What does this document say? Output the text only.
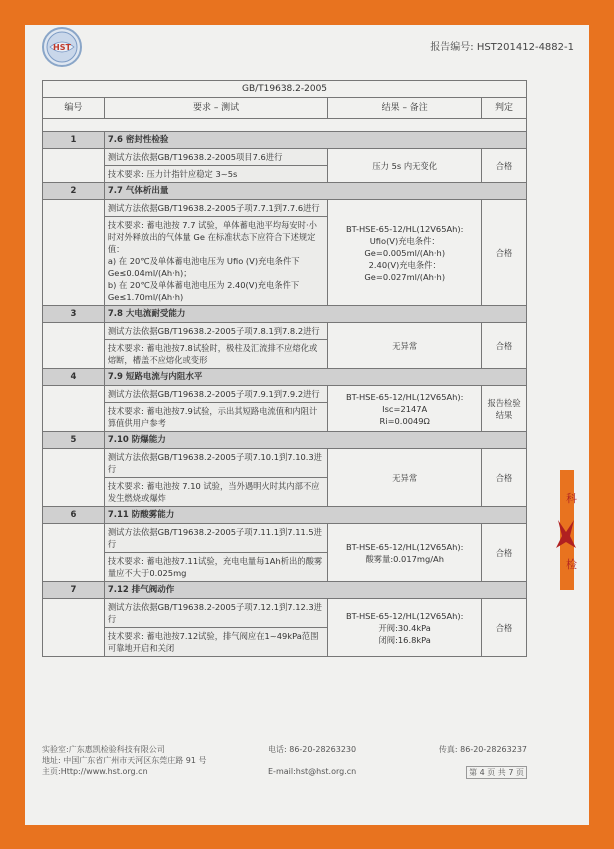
HST	报告编号: HST201412-4882-1
科
检
GB/T19638.2-2005			
编号	要求 – 测试	结果 – 备注	判定

1	7.6 密封性检验		
	测试方法依据GB/T19638.2-2005项目7.6进行	压力 5s 内无变化	合格

	技术要求: 压力计指针应稳定 3~5s		

2	7.7 气体析出量		
	测试方法依据GB/T19638.2-2005子项7.7.1到7.7.6进行	BT-HSE-65-12/HL(12V65Ah):
Ufio(V)充电条件：
Ge=0.005ml/(Ah·h)
2.40(V)充电条件：
Ge=0.027ml/(Ah·h)	合格

	技术要求: 蓄电池按 7.7 试验，单体蓄电池平均每安时·小时对外释放出的气体量 Ge 在标准状态下应符合下述规定值：
a) 在 20℃及单体蓄电池电压为 Ufio (V)充电条件下 Ge≤0.04ml/(Ah·h)；
b) 在 20℃及单体蓄电池电压为 2.40(V)充电条件下 Ge≤1.70ml/(Ah·h)		

3	7.8 大电流耐受能力		
	测试方法依据GB/T19638.2-2005子项7.8.1到7.8.2进行	无异常	合格

	技术要求: 蓄电池按7.8试验时，极柱及汇流排不应熔化或熔断，槽盖不应熔化或变形		

4	7.9 短路电流与内阻水平		
	测试方法依据GB/T19638.2-2005子项7.9.1到7.9.2进行	BT-HSE-65-12/HL(12V65Ah):
Isc=2147A
Ri=0.0049Ω	报告检验结果

	技术要求: 蓄电池按7.9试验，示出其短路电流值和内阻计算值供用户参考		

5	7.10 防爆能力		
	测试方法依据GB/T19638.2-2005子项7.10.1到7.10.3进行	无异常	合格

	技术要求: 蓄电池按 7.10 试验，当外遇明火时其内部不应发生燃烧或爆炸		

6	7.11 防酸雾能力		
	测试方法依据GB/T19638.2-2005子项7.11.1到7.11.5进行	BT-HSE-65-12/HL(12V65Ah):
酸雾量:0.017mg/Ah	合格

	技术要求: 蓄电池按7.11试验，充电电量每1Ah析出的酸雾量应不大于0.025mg		

7	7.12 排气阀动作		
	测试方法依据GB/T19638.2-2005子项7.12.1到7.12.3进行	BT-HSE-65-12/HL(12V65Ah):
开阀:30.4kPa
闭阀:16.8kPa	合格

	技术要求: 蓄电池按7.12试验，排气阀应在1~49kPa范围可靠地开启和关闭		
实验室:广东惠凯检验科技有限公司	电话: 86-20-28263230	传真: 86-20-28263237
地址: 中国广东省广州市天河区东莞庄路 91 号
主页:Http://www.hst.org.cn	E-mail:hst@hst.org.cn	第 4 页 共 7 页
